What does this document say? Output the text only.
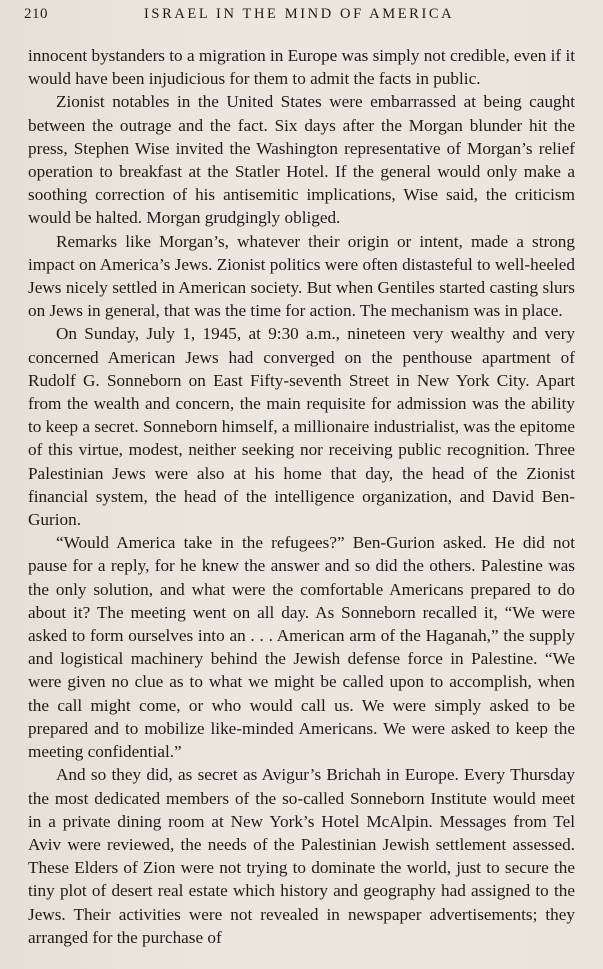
210	ISRAEL IN THE MIND OF AMERICA

innocent bystanders to a migration in Europe was simply not credible, even if it would have been injudicious for them to admit the facts in public.

Zionist notables in the United States were embarrassed at being caught between the outrage and the fact. Six days after the Morgan blunder hit the press, Stephen Wise invited the Washington representative of Morgan’s relief operation to breakfast at the Statler Hotel. If the general would only make a soothing correction of his antisemitic implications, Wise said, the criticism would be halted. Morgan grudgingly obliged.

Remarks like Morgan’s, whatever their origin or intent, made a strong impact on America’s Jews. Zionist politics were often distasteful to well-heeled Jews nicely settled in American society. But when Gentiles started casting slurs on Jews in general, that was the time for action. The mechanism was in place.

On Sunday, July 1, 1945, at 9:30 a.m., nineteen very wealthy and very concerned American Jews had converged on the penthouse apartment of Rudolf G. Sonneborn on East Fifty-seventh Street in New York City. Apart from the wealth and concern, the main requisite for admission was the ability to keep a secret. Sonneborn himself, a millionaire industrialist, was the epitome of this virtue, modest, neither seeking nor receiving public recognition. Three Palestinian Jews were also at his home that day, the head of the Zionist financial system, the head of the intelligence organization, and David Ben-Gurion.

“Would America take in the refugees?” Ben-Gurion asked. He did not pause for a reply, for he knew the answer and so did the others. Palestine was the only solution, and what were the comfortable Americans prepared to do about it? The meeting went on all day. As Sonneborn recalled it, “We were asked to form ourselves into an . . . American arm of the Haganah,” the supply and logistical machinery behind the Jewish defense force in Palestine. “We were given no clue as to what we might be called upon to accomplish, when the call might come, or who would call us. We were simply asked to be prepared and to mobilize like-minded Americans. We were asked to keep the meeting confidential.”

And so they did, as secret as Avigur’s Brichah in Europe. Every Thursday the most dedicated members of the so-called Sonneborn Institute would meet in a private dining room at New York’s Hotel McAlpin. Messages from Tel Aviv were reviewed, the needs of the Palestinian Jewish settlement assessed. These Elders of Zion were not trying to dominate the world, just to secure the tiny plot of desert real estate which history and geography had assigned to the Jews. Their activities were not revealed in newspaper advertisements; they arranged for the purchase of
